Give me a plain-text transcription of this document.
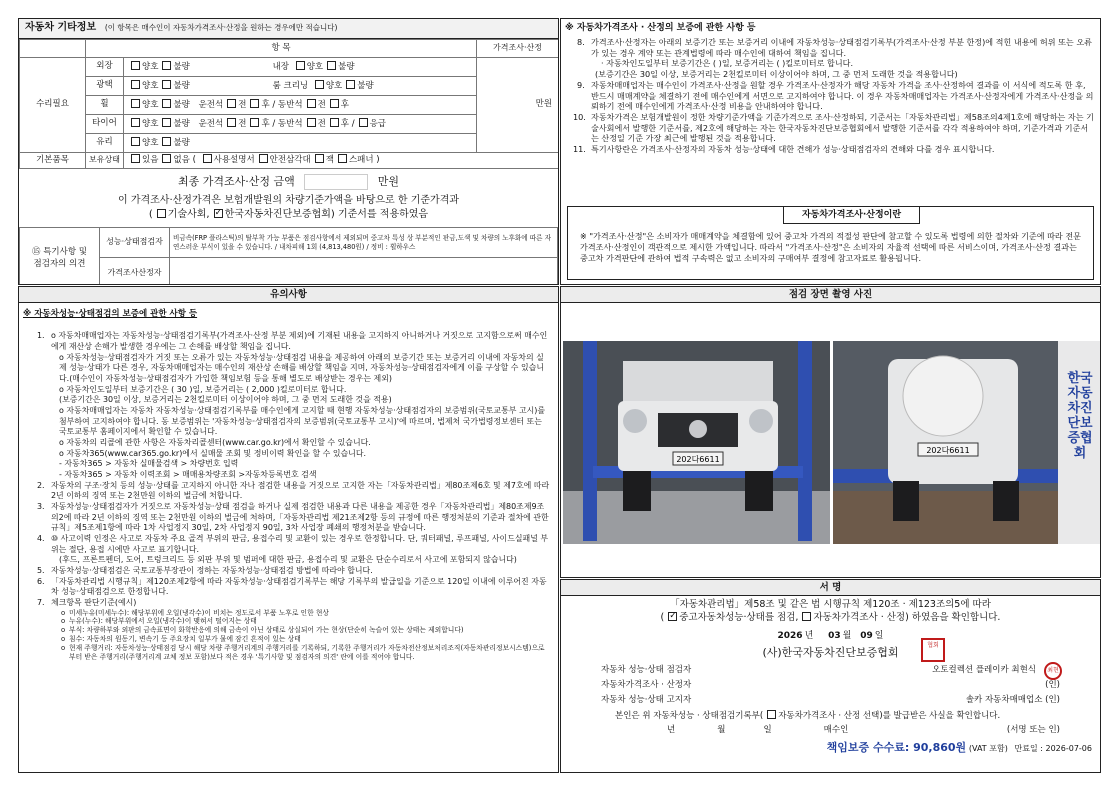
자동차 기타정보 (이 항목은 매수인이 자동차가격조사·산정을 원하는 경우에만 적습니다)
	항 목		가격조사·산정
수리필요	외장	양호 불량 내장 양호 불량	만원
	광택	양호 불량 룸 크리닝 양호 불량	
	휠	양호 불량 운전석 전 후 / 동반석 전 후	
	타이어	양호 불량 운전석 전 후 / 동반석 전 후 / 응급	
	유리	양호 불량	
기본품목	보유상태	있음 없음 ( 사용설명서 안전삼각대 잭 스패너 )	
최종 가격조사·산정 금액	만원
이 가격조사·산정가격은 보험개발원의 차량기준가액을 바탕으로 한 기준가격과
( 기술사회, ✓ 한국자동차진단보증협회) 기준서를 적용하였음
⑮ 특기사항 및
점검자의 의견	성능·상태점검자	비금속(FRP 플라스틱)의 탈부착 가능 부품은 점검사항에서 제외되며 중고차 특성 상 부분적인 판금,도색 및 차량의 노후화에 따른 자연스러운 부식이 있을 수 있습니다. / 내차피해 1회 (4,813,480원) / 정비 : 휠하우스
	가격조사산정자	
※ 자동차가격조사 · 산정의 보증에 관한 사항 등
8. 가격조사·산정자는 아래의 보증기간 또는 보증거리 이내에 자동차성능·상태점검기록부(가격조사·산정 부분 한정)에 적힌 내용에 허위 또는 오류가 있는 경우 계약 또는 관계법령에 따라 매수인에 대하여 책임을 집니다.
· 자동차인도일부터 보증기간은 ( )일, 보증거리는 ( )킬로미터로 합니다.
(보증기간은 30일 이상, 보증거리는 2천킬로미터 이상이어야 하며, 그 중 먼저 도래한 것을 적용합니다)
9. 자동차매매업자는 매수인이 가격조사·산정을 원할 경우 가격조사·산정자가 해당 자동차 가격을 조사·산정하여 결과를 이 서식에 적도록 한 후, 반드시 매매계약을 체결하기 전에 매수인에게 서면으로 고지하여야 합니다. 이 경우 자동차매매업자는 가격조사·산정자에게 가격조사·산정을 의뢰하기 전에 매수인에게 가격조사·산정 비용을 안내하여야 합니다.
10. 자동차가격은 보험개발원이 정한 차량기준가액을 기준가격으로 조사·산정하되, 기준서는「자동차관리법」제58조의4제1호에 해당하는 자는 기술사회에서 발행한 기준서를, 제2호에 해당하는 자는 한국자동차진단보증협회에서 발행한 기준서를 각각 적용하여야 하며, 기준가격과 기준서는 산정일 기준 가장 최근에 발행된 것을 적용합니다.
11. 특기사항란은 가격조사·산정자의 자동차 성능·상태에 대한 견해가 성능·상태점검자의 견해와 다를 경우 표시합니다.
자동차가격조사·산정이란
※ "가격조사·산정"은 소비자가 매매계약을 체결함에 있어 중고차 가격의 적절성 판단에 참고할 수 있도록 법령에 의한 절차와 기준에 따라 전문 가격조사·산정인이 객관적으로 제시한 가액입니다. 따라서 "가격조사·산정"은 소비자의 자율적 선택에 따른 서비스이며, 가격조사·산정 결과는 중고차 가격판단에 관하여 법적 구속력은 없고 소비자의 구매여부 결정에 참고자료로 활용됩니다.
유의사항
※ 자동차성능·상태점검의 보증에 관한 사항 등
1. o 자동차매매업자는 자동차성능·상태점검기록부(가격조사·산정 부분 제외)에 기재된 내용을 고지하지 아니하거나 거짓으로 고지함으로써 매수인에게 재산상 손해가 발생한 경우에는 그 손해를 배상할 책임을 집니다.
o 자동차성능·상태점검자가 거짓 또는 오류가 있는 자동차성능·상태점검 내용을 제공하여 아래의 보증기간 또는 보증거리 이내에 자동차의 실제 성능·상태가 다른 경우, 자동차매매업자는 매수인의 재산상 손해를 배상할 책임을 지며, 자동차성능·상태점검자에게 이를 구상할 수 있습니다.(매수인이 자동차성능·상태점검자가 가입한 책임보험 등을 통해 별도로 배상받는 경우는 제외)
o 자동차인도일부터 보증기간은 ( 30 )일, 보증거리는 ( 2,000 )킬로미터로 합니다.
(보증기간은 30일 이상, 보증거리는 2천킬로미터 이상이어야 하며, 그 중 먼저 도래한 것을 적용)
o 자동차매매업자는 자동차 자동차성능·상태점검기록부를 매수인에게 고지할 때 현행 자동차성능·상태점검자의 보증범위(국토교통부 고시)를 첨부하여 고지하여야 합니다. 동 보증범위는 '자동차성능·상태점검자의 보증범위(국토교통부 고시)'에 따르며, 법제처 국가법령정보센터 또는 국토교통부 홈페이지에서 확인할 수 있습니다.
o 자동차의 리콜에 관한 사항은 자동차리콜센터(www.car.go.kr)에서 확인할 수 있습니다.
o 자동차365(www.car365.go.kr)에서 실매물 조회 및 정비이력 확인을 할 수 있습니다.
- 자동차365 > 자동차 실매물검색 > 차량번호 입력
- 자동차365 > 자동차 이력조회 > 매매용차량조회 >자동차등록번호 검색
2. 자동차의 구조·장치 등의 성능·상태를 고지하지 아니한 자나 점검한 내용을 거짓으로 고지한 자는「자동차관리법」제80조제6호 및 제7호에 따라 2년 이하의 징역 또는 2천만원 이하의 벌금에 처합니다.
3. 자동차성능·상태점검자가 거짓으로 자동차성능·상태 점검을 하거나 실제 점검한 내용과 다른 내용을 제공한 경우「자동차관리법」제80조제9조의2에 따라 2년 이하의 징역 또는 2천만원 이하의 벌금에 처하며,「자동차관리법 제21조제2항 등의 규정에 따른 행정처분의 기준과 절차에 관한 규칙」제5조제1항에 따라 1차 사업정지 30일, 2차 사업정지 90일, 3차 사업장 폐쇄의 행정처분을 받습니다.
4. ⑩ 사고이력 인정은 사고로 자동차 주요 골격 부위의 판금, 용접수리 및 교환이 있는 경우로 한정합니다. 단, 쿼터패널, 루프패널, 사이드실패널 부위는 절단, 용접 시에만 사고로 표기합니다.
(후드, 프론트펜더, 도어, 트렁크리드 등 외판 부위 및 범퍼에 대한 판금, 용접수리 및 교환은 단순수리로서 사고에 포함되지 않습니다)
5. 자동차성능·상태점검은 국토교통부장관이 정하는 자동차성능·상태점검 방법에 따라야 합니다.
6. 「자동차관리법 시행규칙」제120조제2항에 따라 자동차성능·상태점검기록부는 해당 기록부의 발급일을 기준으로 120일 이내에 이루어진 자동차 성능·상태점검으로 한정합니다.
7. 체크항목 판단기준(예시)
o 미세누유(미세누수): 해당부위에 오일(냉각수)이 비치는 정도로서 부품 노후로 인한 현상
o 누유(누수): 해당부위에서 오일(냉각수)이 맺혀서 떨어지는 상태
o 부식: 차량하부와 외판의 금속표면이 화학반응에 의해 금속이 아닌 상태로 상실되어 가는 현상(단순히 녹슬어 있는 상태는 제외합니다)
o 침수: 자동차의 원동기, 변속기 등 주요장치 일부가 물에 잠긴 흔적이 있는 상태
o 현재 주행거리: 자동차성능·상태점검 당시 해당 차량 주행거리계의 주행거리를 기록하되, 기록한 주행거리가 자동차전산정보처리조직(자동차관리정보시스템)으로부터 받은 주행거리(주행거리계 교체 정보 포함)보다 적은 경우 '특기사항 및 점검자의 의견' 란에 이를 적어야 합니다.
점검 장면 촬영 사진
202다6611
202다6611
한국자동차진단보증협회
서 명
「자동차관리법」제58조 및 같은 법 시행규칙 제120조 · 제123조의5에 따라
( ✓ 중고자동차성능·상태를 점검, 자동차가격조사 · 산정) 하였음을 확인합니다.
2026 년 03 월 09 일
(사)한국자동차진단보증협회
협회
자동차 성능·상태 점검자	오토컬렉션 플레이카 최현식	최현
자동차가격조사 · 산정자	(인)
자동차 성능·상태 고지자	솔카 자동차매매업소 (인)
본인은 위 자동차성능 · 상태점검기록부( 자동차가격조사 · 산정 선택)를 발급받은 사실을 확인합니다.
년	월	일	매수인	(서명 또는 인)
책임보증 수수료: 90,860원 (VAT 포함) 만료일 : 2026-07-06
